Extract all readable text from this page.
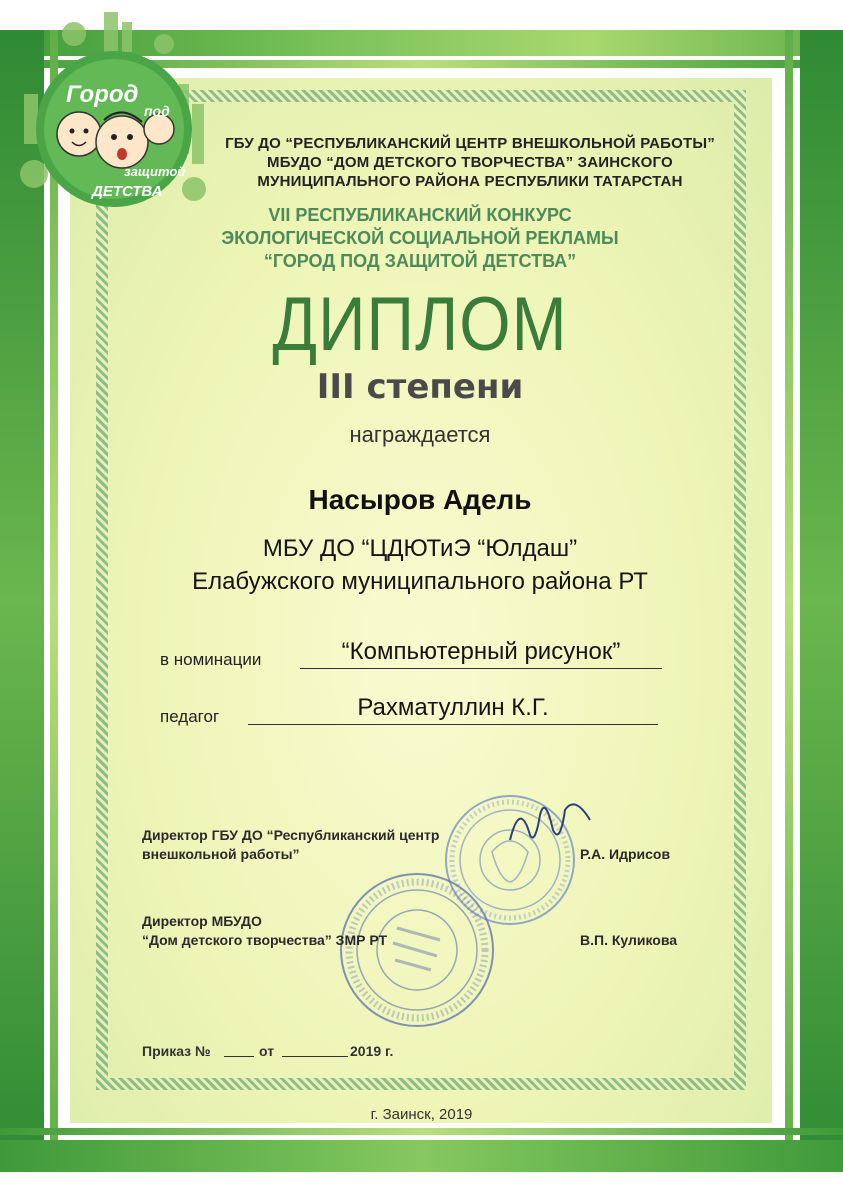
Город
под
защитой
ДЕТСТВА
ГБУ ДО “РЕСПУБЛИКАНСКИЙ ЦЕНТР ВНЕШКОЛЬНОЙ РАБОТЫ”
МБУДО “ДОМ ДЕТСКОГО ТВОРЧЕСТВА” ЗАИНСКОГО
МУНИЦИПАЛЬНОГО РАЙОНА РЕСПУБЛИКИ ТАТАРСТАН
VII РЕСПУБЛИКАНСКИЙ КОНКУРС
ЭКОЛОГИЧЕСКОЙ СОЦИАЛЬНОЙ РЕКЛАМЫ
“ГОРОД ПОД ЗАЩИТОЙ ДЕТСТВА”
ДИПЛОМ
III степени
награждается
Насыров Адель
МБУ ДО “ЦДЮТиЭ “Юлдаш”
Елабужского муниципального района РТ
в номинации	“Компьютерный рисунок”
педагог	Рахматуллин К.Г.
Директор ГБУ ДО “Республиканский центр
внешкольной работы”	Р.А. Идрисов
Директор МБУДО
“Дом детского творчества” ЗМР РТ	В.П. Куликова
Приказ №	от	2019 г.
г. Заинск, 2019
